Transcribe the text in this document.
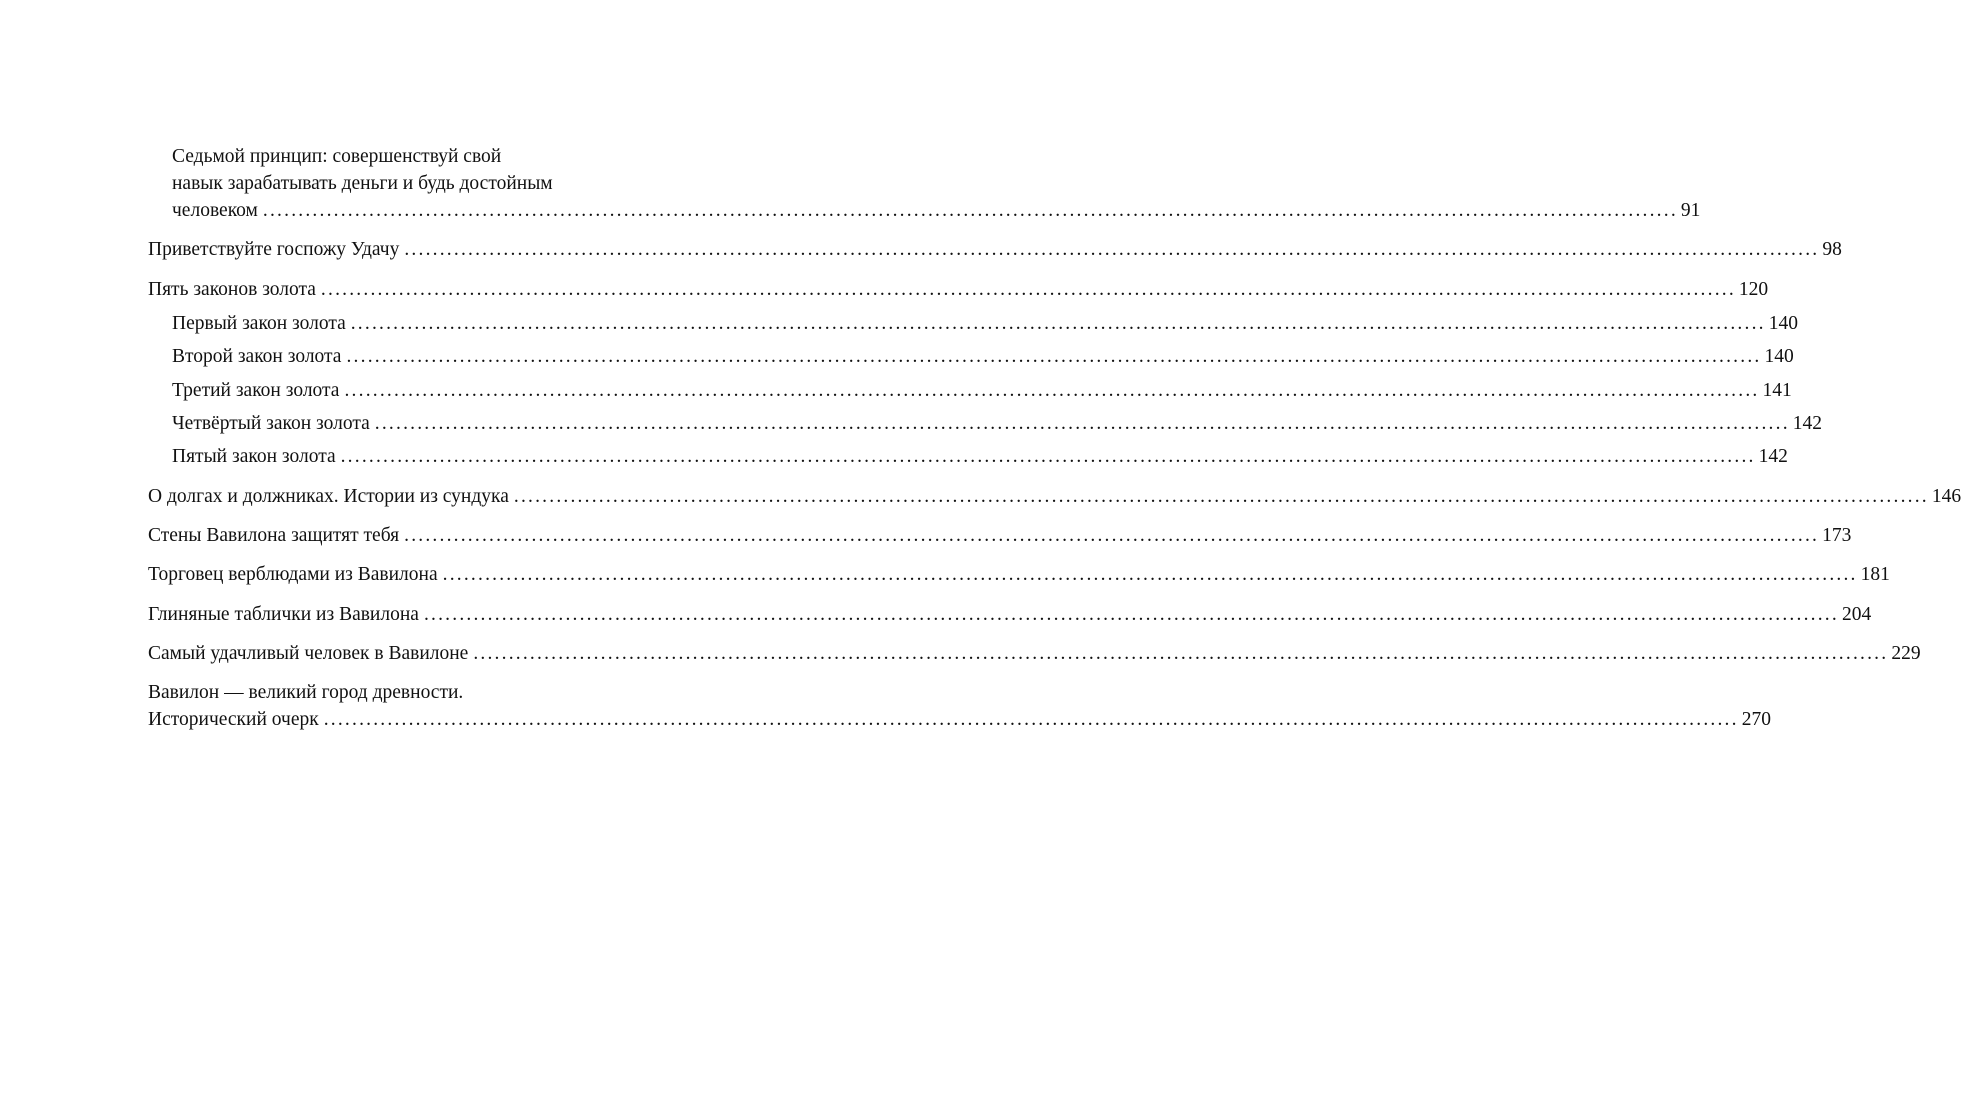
Седьмой принцип: совершенствуй свой
навык зарабатывать деньги и будь достойным
человеком ........................................................................................................................................................................................................ 91
Приветствуйте госпожу Удачу ........................................................................................................................................................................................................ 98
Пять законов золота ........................................................................................................................................................................................................ 120
Первый закон золота ........................................................................................................................................................................................................ 140
Второй закон золота ........................................................................................................................................................................................................ 140
Третий закон золота ........................................................................................................................................................................................................ 141
Четвёртый закон золота ........................................................................................................................................................................................................ 142
Пятый закон золота ........................................................................................................................................................................................................ 142
О долгах и должниках. Истории из сундука ........................................................................................................................................................................................................ 146
Стены Вавилона защитят тебя ........................................................................................................................................................................................................ 173
Торговец верблюдами из Вавилона ........................................................................................................................................................................................................ 181
Глиняные таблички из Вавилона ........................................................................................................................................................................................................ 204
Самый удачливый человек в Вавилоне ........................................................................................................................................................................................................ 229
Вавилон — великий город древности.
Исторический очерк ........................................................................................................................................................................................................ 270
